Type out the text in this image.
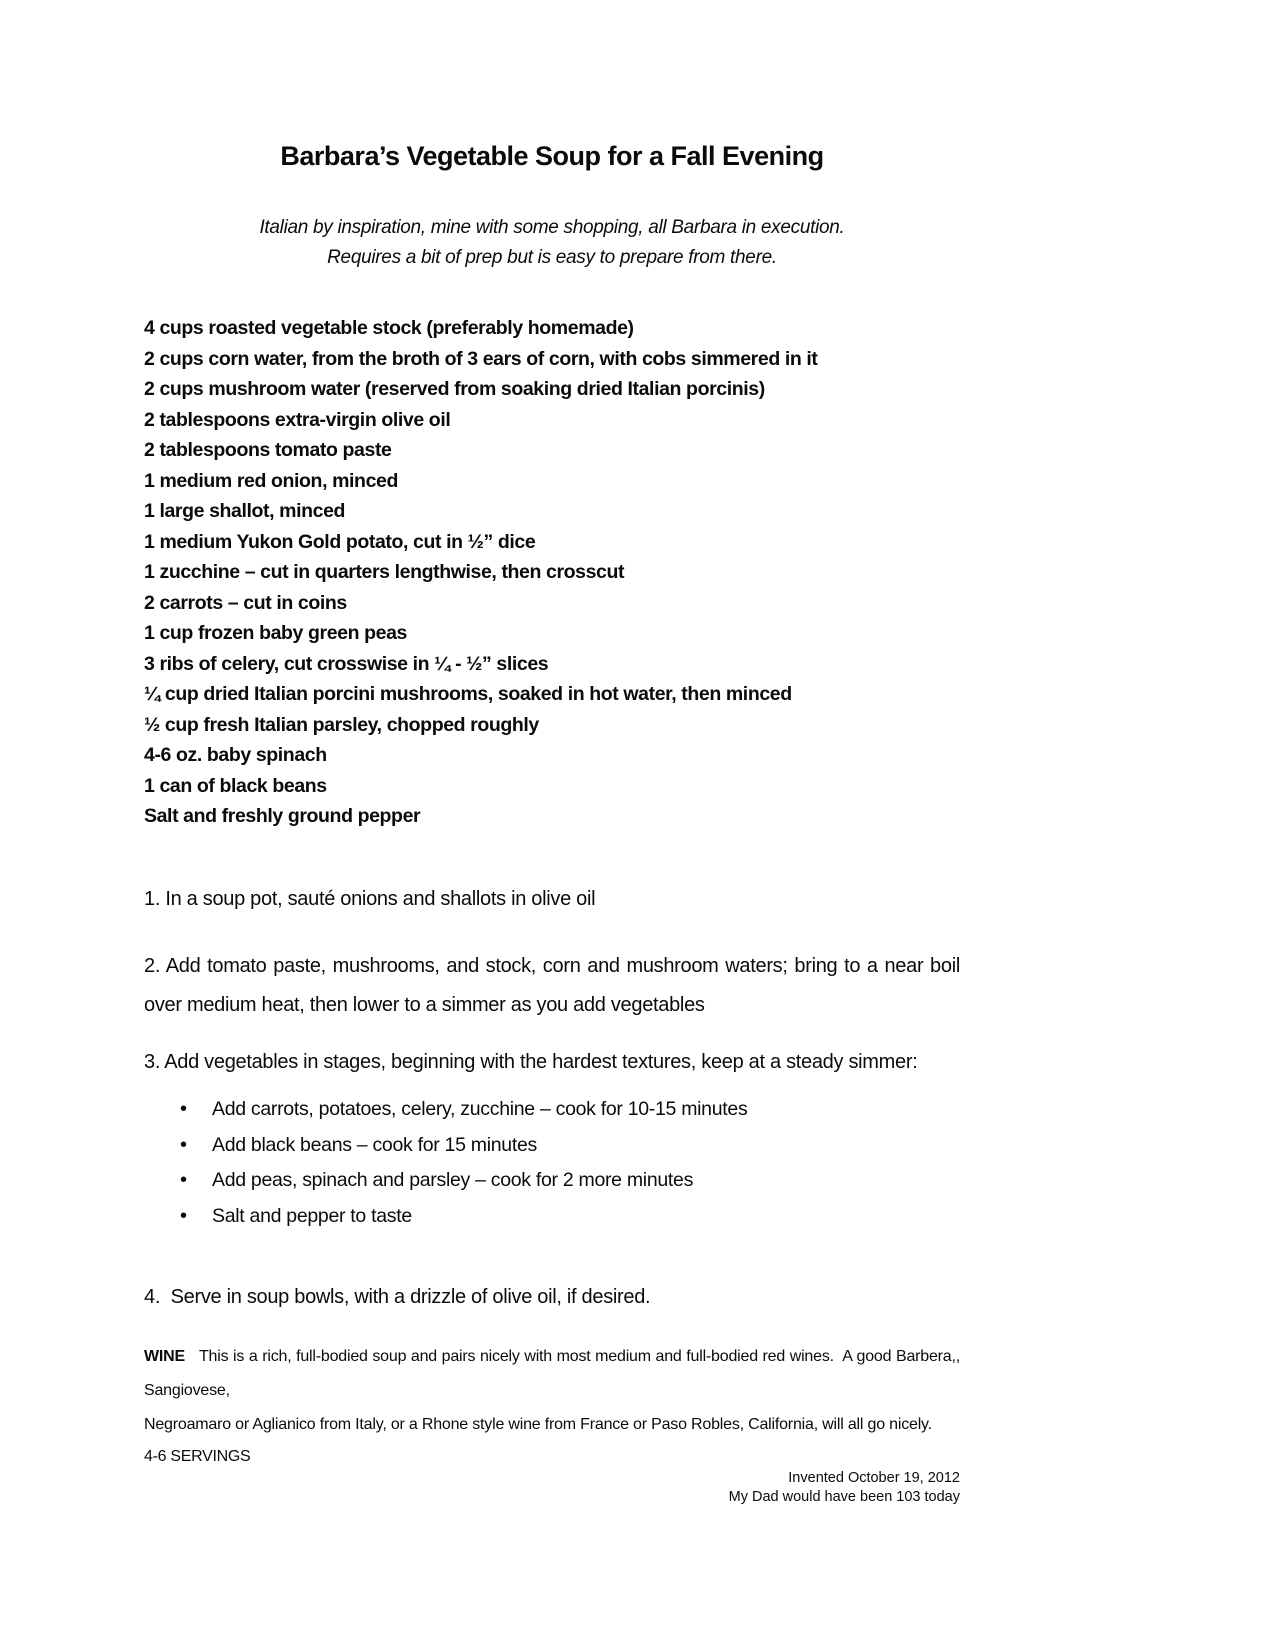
Barbara’s Vegetable Soup for a Fall Evening
Italian by inspiration, mine with some shopping, all Barbara in execution.
Requires a bit of prep but is easy to prepare from there.
4 cups roasted vegetable stock (preferably homemade)
2 cups corn water, from the broth of 3 ears of corn, with cobs simmered in it
2 cups mushroom water (reserved from soaking dried Italian porcinis)
2 tablespoons extra-virgin olive oil
2 tablespoons tomato paste
1 medium red onion, minced
1 large shallot, minced
1 medium Yukon Gold potato, cut in ½” dice
1 zucchine – cut in quarters lengthwise, then crosscut
2 carrots – cut in coins
1 cup frozen baby green peas
3 ribs of celery, cut crosswise in ¼ - ½” slices
¼ cup dried Italian porcini mushrooms, soaked in hot water, then minced
½ cup fresh Italian parsley, chopped roughly
4-6 oz. baby spinach
1 can of black beans
Salt and freshly ground pepper
1. In a soup pot, sauté onions and shallots in olive oil
2. Add tomato paste, mushrooms, and stock, corn and mushroom waters; bring to a near boil
over medium heat, then lower to a simmer as you add vegetables
3. Add vegetables in stages, beginning with the hardest textures, keep at a steady simmer:
• Add carrots, potatoes, celery, zucchine – cook for 10-15 minutes
• Add black beans – cook for 15 minutes
• Add peas, spinach and parsley – cook for 2 more minutes
• Salt and pepper to taste
4.  Serve in soup bowls, with a drizzle of olive oil, if desired.
WINE This is a rich, full-bodied soup and pairs nicely with most medium and full-bodied red wines.  A good Barbera,, Sangiovese,
Negroamaro or Aglianico from Italy, or a Rhone style wine from France or Paso Robles, California, will all go nicely.
4-6 SERVINGS
Invented October 19, 2012
My Dad would have been 103 today
